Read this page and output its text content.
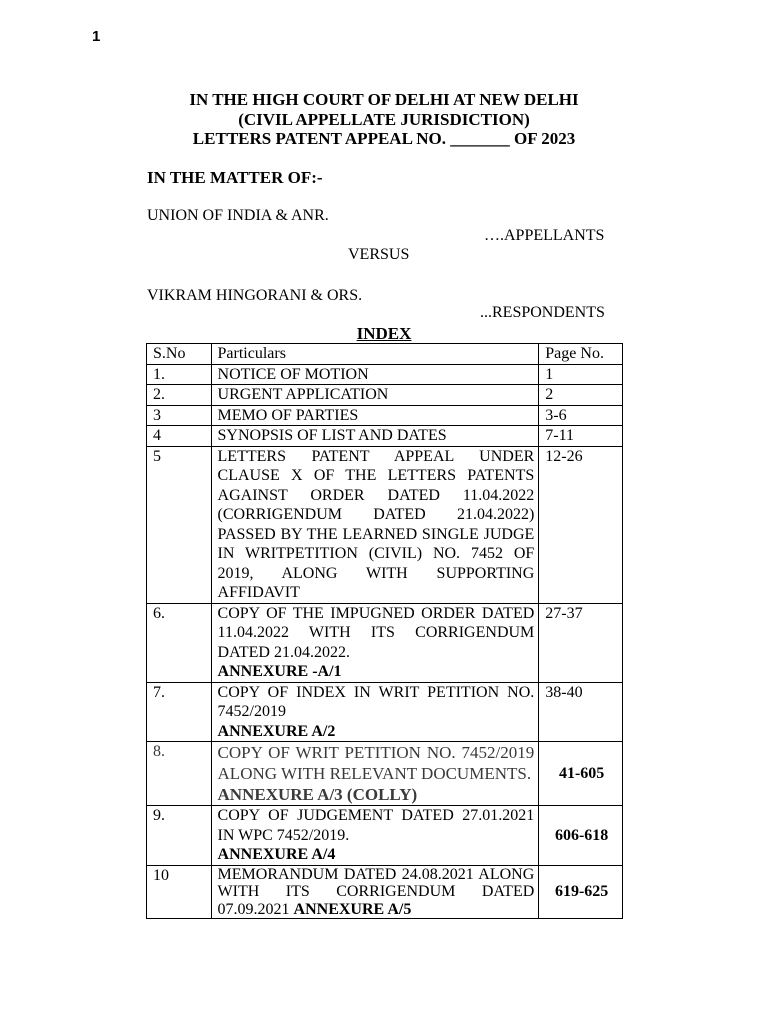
1
IN THE HIGH COURT OF DELHI AT NEW DELHI
(CIVIL APPELLATE JURISDICTION)
LETTERS PATENT APPEAL NO. _______ OF 2023
IN THE MATTER OF:-
UNION OF INDIA & ANR.
….APPELLANTS
VERSUS
VIKRAM HINGORANI & ORS.
...RESPONDENTS
INDEX
S.No	Particulars	Page No.
1.	NOTICE OF MOTION	1
2.	URGENT APPLICATION	2
3	MEMO OF PARTIES	3-6
4	SYNOPSIS OF LIST AND DATES	7-11
5	LETTERS PATENT APPEAL UNDER CLAUSE X OF THE LETTERS PATENTS AGAINST ORDER DATED 11.04.2022 (CORRIGENDUM DATED 21.04.2022) PASSED BY THE LEARNED SINGLE JUDGE IN WRITPETITION (CIVIL) NO. 7452 OF 2019, ALONG WITH SUPPORTING AFFIDAVIT	12-26
6.	COPY OF THE IMPUGNED ORDER DATED 11.04.2022 WITH ITS CORRIGENDUM DATED 21.04.2022.
ANNEXURE -A/1	27-37
7.	COPY OF INDEX IN WRIT PETITION NO. 7452/2019
ANNEXURE A/2	38-40
8.	COPY OF WRIT PETITION NO. 7452/2019 ALONG WITH RELEVANT DOCUMENTS.
ANNEXURE A/3 (COLLY)	41-605
9.	COPY OF JUDGEMENT DATED 27.01.2021 IN WPC 7452/2019.
ANNEXURE A/4	606-618
10	MEMORANDUM DATED 24.08.2021 ALONG WITH ITS CORRIGENDUM DATED 07.09.2021 ANNEXURE A/5	619-625
